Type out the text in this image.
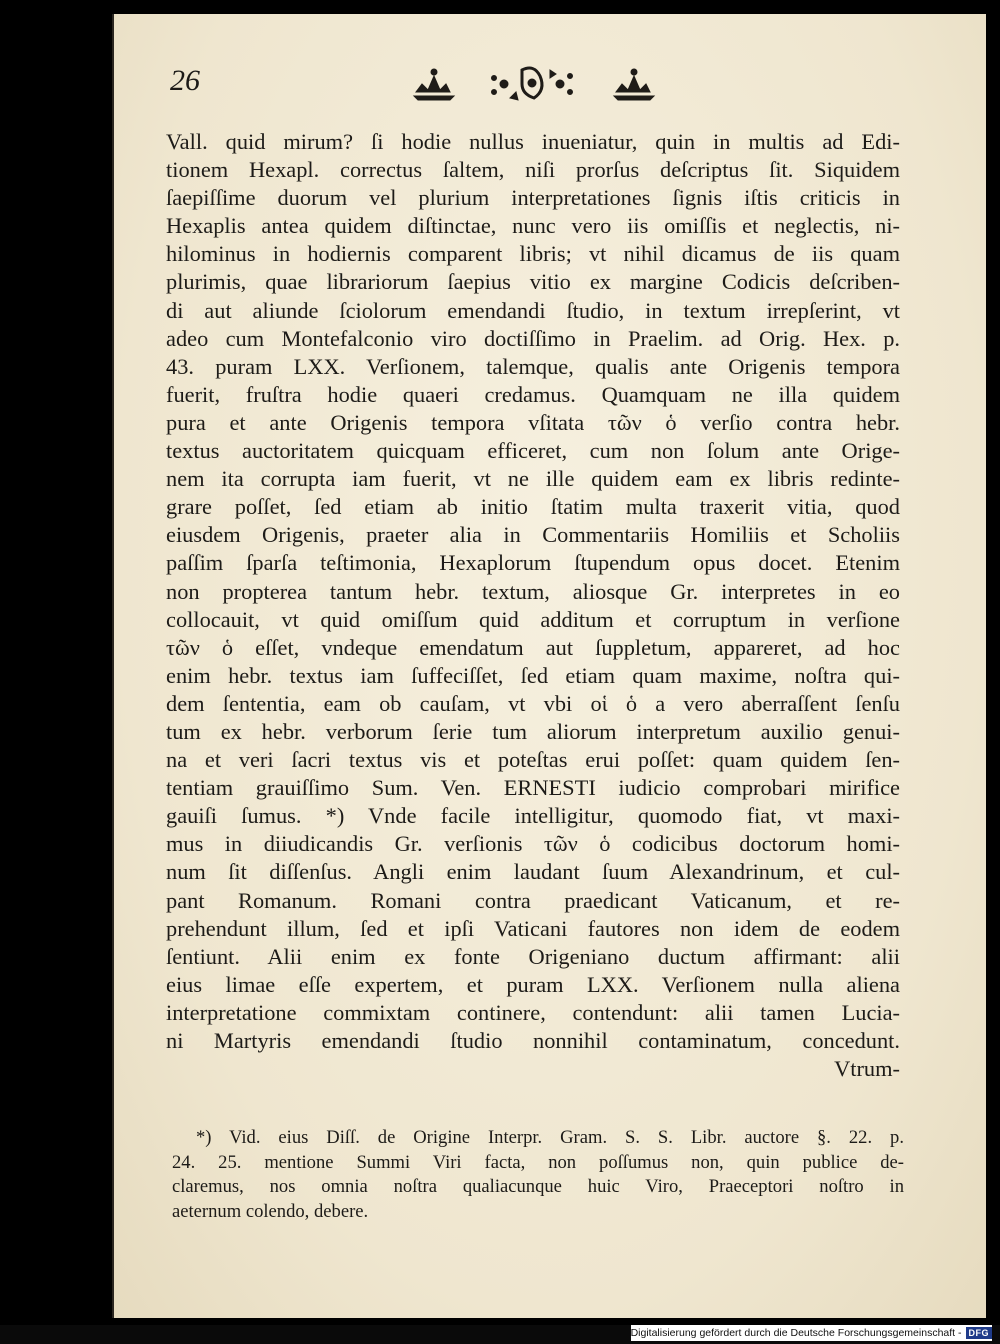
26
Vall. quid mirum? ſi hodie nullus inueniatur, quin in multis ad Edi-
tionem Hexapl. correctus ſaltem, niſi prorſus deſcriptus ſit. Siquidem
ſaepiſſime duorum vel plurium interpretationes ſignis iſtis criticis in
Hexaplis antea quidem diſtinctae, nunc vero iis omiſſis et neglectis, ni-
hilominus in hodiernis comparent libris; vt nihil dicamus de iis quam
plurimis, quae librariorum ſaepius vitio ex margine Codicis deſcriben-
di aut aliunde ſciolorum emendandi ſtudio, in textum irrepſerint, vt
adeo cum Montefalconio viro doctiſſimo in Praelim. ad Orig. Hex. p.
43. puram LXX. Verſionem, talemque, qualis ante Origenis tempora
fuerit, fruſtra hodie quaeri credamus. Quamquam ne illa quidem
pura et ante Origenis tempora vſitata τῶν ὁ verſio contra hebr.
textus auctoritatem quicquam efficeret, cum non ſolum ante Orige-
nem ita corrupta iam fuerit, vt ne ille quidem eam ex libris redinte-
grare poſſet, ſed etiam ab initio ſtatim multa traxerit vitia, quod
eiusdem Origenis, praeter alia in Commentariis Homiliis et Scholiis
paſſim ſparſa teſtimonia, Hexaplorum ſtupendum opus docet. Etenim
non propterea tantum hebr. textum, aliosque Gr. interpretes in eo
collocauit, vt quid omiſſum quid additum et corruptum in verſione
τῶν ὁ eſſet, vndeque emendatum aut ſuppletum, appareret, ad hoc
enim hebr. textus iam ſuffeciſſet, ſed etiam quam maxime, noſtra qui-
dem ſententia, eam ob cauſam, vt vbi οἱ ὁ a vero aberraſſent ſenſu
tum ex hebr. verborum ſerie tum aliorum interpretum auxilio genui-
na et veri ſacri textus vis et poteſtas erui poſſet: quam quidem ſen-
tentiam grauiſſimo Sum. Ven. ERNESTI iudicio comprobari mirifice
gauiſi ſumus. *) Vnde facile intelligitur, quomodo fiat, vt maxi-
mus in diiudicandis Gr. verſionis τῶν ὁ codicibus doctorum homi-
num ſit diſſenſus. Angli enim laudant ſuum Alexandrinum, et cul-
pant Romanum. Romani contra praedicant Vaticanum, et re-
prehendunt illum, ſed et ipſi Vaticani fautores non idem de eodem
ſentiunt. Alii enim ex fonte Origeniano ductum affirmant: alii
eius limae eſſe expertem, et puram LXX. Verſionem nulla aliena
interpretatione commixtam continere, contendunt: alii tamen Lucia-
ni Martyris emendandi ſtudio nonnihil contaminatum, concedunt.
Vtrum-
*) Vid. eius Diſſ. de Origine Interpr. Gram. S. S. Libr. auctore §. 22. p.
24. 25. mentione Summi Viri facta, non poſſumus non, quin publice de-
claremus, nos omnia noſtra qualiacunque huic Viro, Praeceptori noſtro in
aeternum colendo, debere.
Digitalisierung gefördert durch die Deutsche Forschungsgemeinschaft - DFG
